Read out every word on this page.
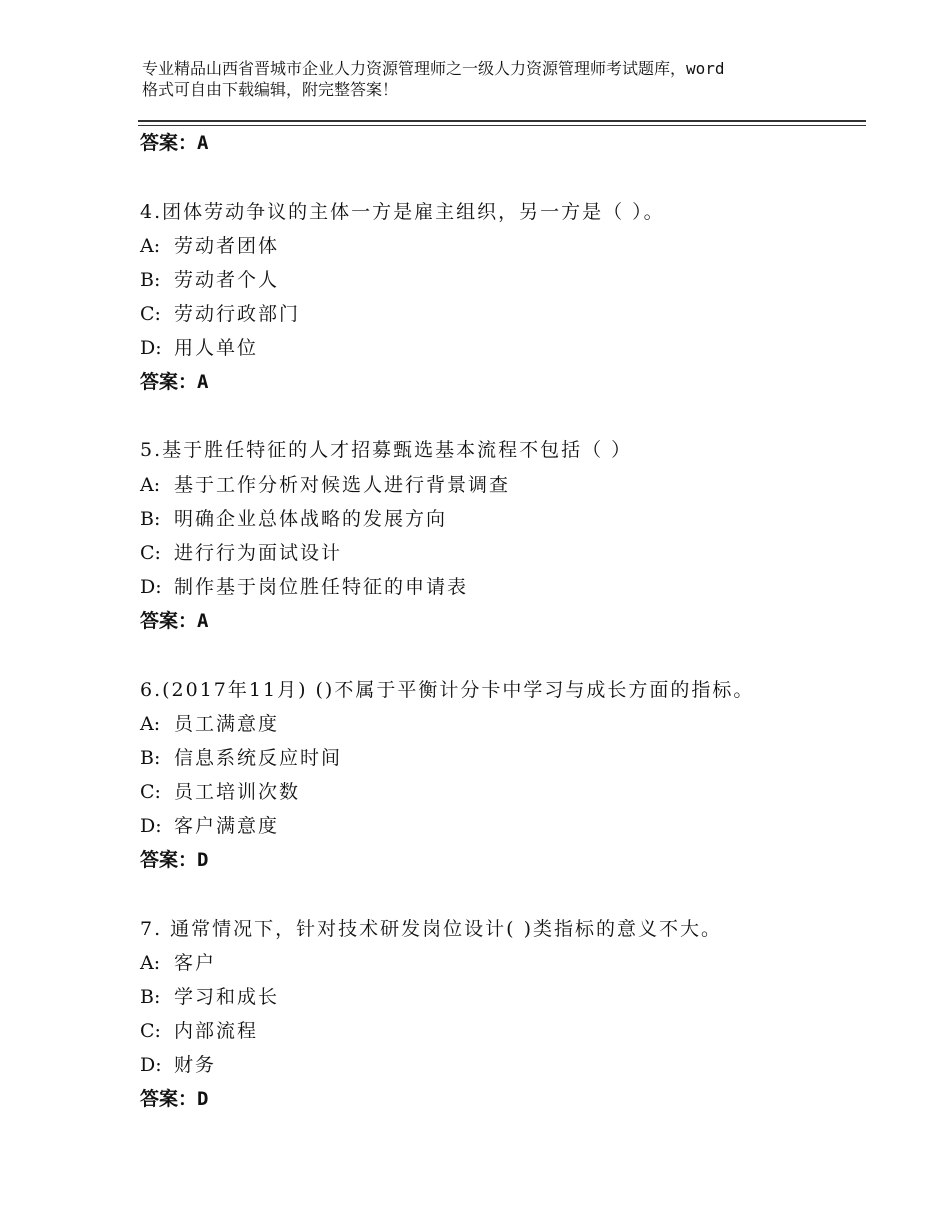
专业精品山西省晋城市企业人力资源管理师之一级人力资源管理师考试题库，word
格式可自由下载编辑，附完整答案！
答案：A
4.团体劳动争议的主体一方是雇主组织，另一方是（ ）。
A: 劳动者团体
B: 劳动者个人
C: 劳动行政部门
D: 用人单位
答案：A
5.基于胜任特征的人才招募甄选基本流程不包括（ ）
A: 基于工作分析对候选人进行背景调查
B: 明确企业总体战略的发展方向
C: 进行行为面试设计
D: 制作基于岗位胜任特征的申请表
答案：A
6.(2017年11月) ()不属于平衡计分卡中学习与成长方面的指标。
A: 员工满意度
B: 信息系统反应时间
C: 员工培训次数
D: 客户满意度
答案：D
7. 通常情况下，针对技术研发岗位设计( )类指标的意义不大。
A: 客户
B: 学习和成长
C: 内部流程
D: 财务
答案：D
